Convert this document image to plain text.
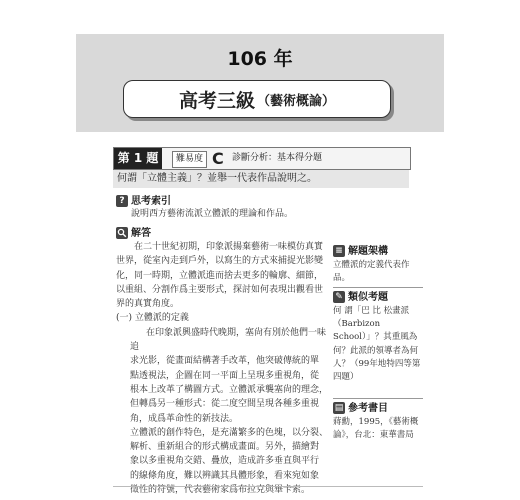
106 年
高考三級 （藝術概論）
第 1 題	難易度 C 診斷分析：基本得分題
何謂「立體主義」？並舉一代表作品說明之。
? 思考索引
說明西方藝術流派立體派的理論和作品。
解答

在二十世紀初期，印象派揚棄藝術一味模仿真實

世界，從室內走到戶外，以寫生的方式來捕捉光影變

化，同一時期，立體派進而捨去更多的輪廓、細節，

以重組、分割作爲主要形式，探討如何表現出觀看世

界的真實角度。

(一) 立體派的定義

在印象派興盛時代晚期，塞尙有別於他們一味追

求光影，從畫面結構著手改革，他突破傳統的單

點透視法，企圖在同一平面上呈現多重視角，從

根本上改革了構圖方式。立體派承襲塞尙的理念，

但轉爲另一種形式：從二度空間呈現各種多重視

角，成爲革命性的新技法。

立體派的創作特色，是充滿繁多的色塊，以分裂、

解析、重新組合的形式構成畫面。另外，描繪對

象以多重視角交錯、疊放，造成許多垂直與平行

的線條角度，難以辨識其具體形象，看來宛如象

徵性的符號，代表藝術家爲布拉克與畢卡索。

≡ 解題架構
立體派的定義代表作品。
✎ 類似考題
何 謂「巴 比 松畫派（Barbizon School）」？其重風為何？此派的領導者為何人？（99年地特四等第四題）
▤ 參考書目
蔣勳，1995，《藝術概論》，台北：東華書局
